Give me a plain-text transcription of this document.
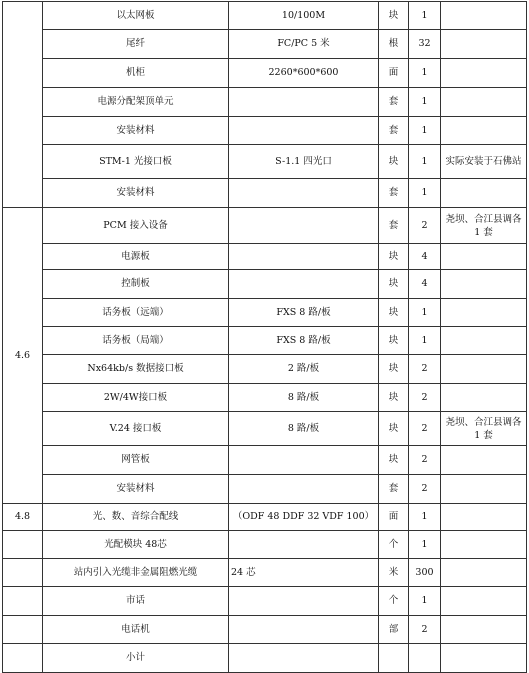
	以太网板	10/100M	块	1	
	尾纤	FC/PC 5 米	根	32	
	机柜	2260*600*600	面	1	
	电源分配架顶单元		套	1	
	安装材料		套	1	
	STM-1 光接口板	S-1.1 四光口	块	1	实际安装于石佛站
	安装材料		套	1	
4.6	PCM 接入设备		套	2	尧坝、合江县调各 1 套
	电源板		块	4	
	控制板		块	4	
	话务板（远端）	FXS 8 路/板	块	1	
	话务板（局端）	FXS 8 路/板	块	1	
	Nx64kb/s 数据接口板	2 路/板	块	2	
	2W/4W接口板	8 路/板	块	2	
	V.24 接口板	8 路/板	块	2	尧坝、合江县调各 1 套
	网管板		块	2	
	安装材料		套	2	
4.8	光、数、音综合配线	（ODF 48 DDF 32 VDF 100）	面	1	
	光配模块 48芯		个	1	
	站内引入光缆非金属阻燃光缆	24 芯	米	300	
	市话		个	1	
	电话机		部	2	
	小计				
